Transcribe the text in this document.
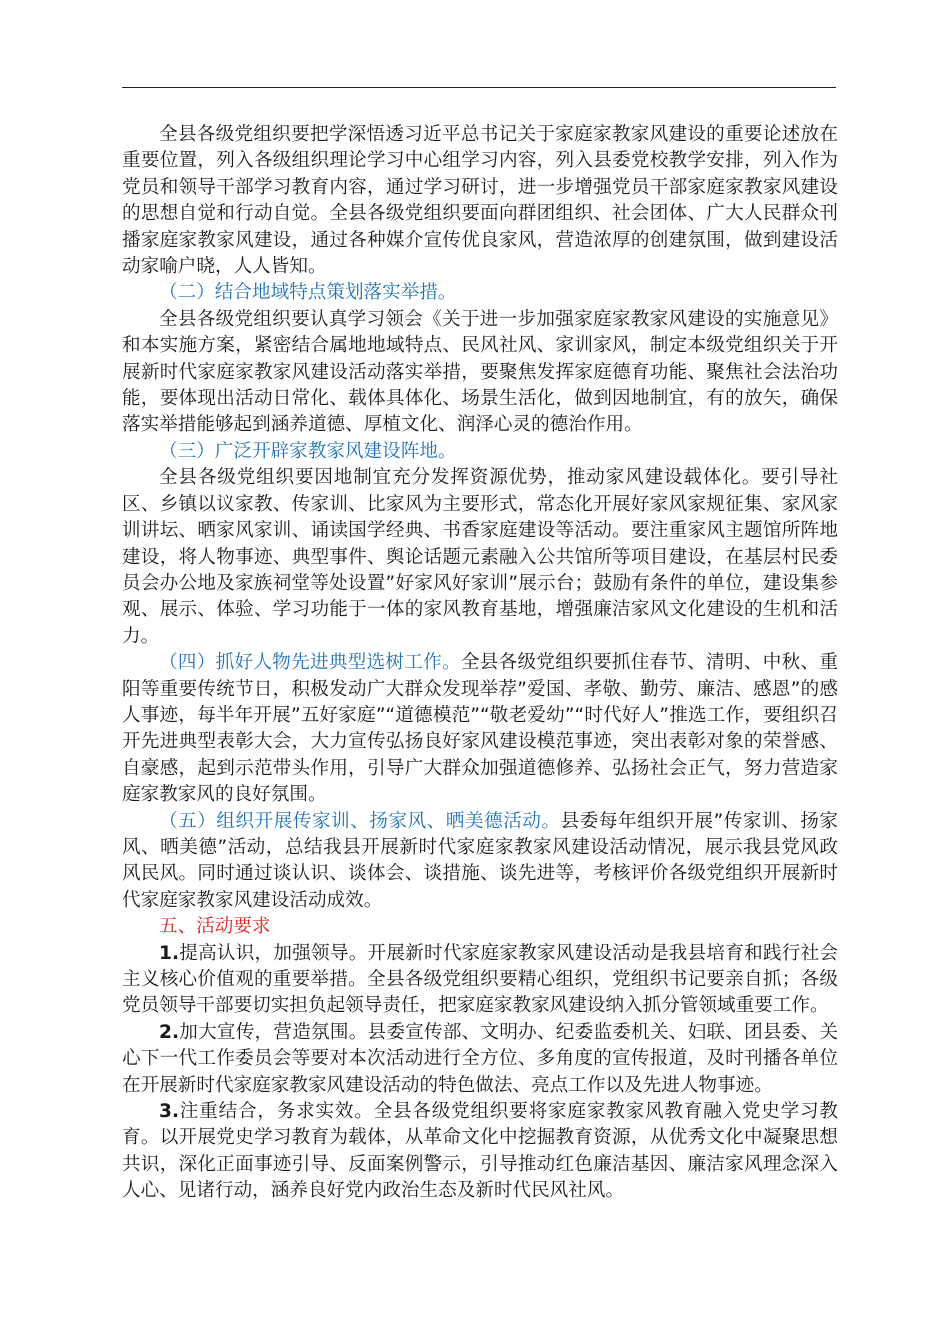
全县各级党组织要把学深悟透习近平总书记关于家庭家教家风建设的重要论述放在重要位置，列入各级组织理论学习中心组学习内容，列入县委党校教学安排，列入作为党员和领导干部学习教育内容，通过学习研讨，进一步增强党员干部家庭家教家风建设的思想自觉和行动自觉。全县各级党组织要面向群团组织、社会团体、广大人民群众刊播家庭家教家风建设，通过各种媒介宣传优良家风，营造浓厚的创建氛围，做到建设活动家喻户晓，人人皆知。

（二）结合地域特点策划落实举措。

全县各级党组织要认真学习领会《关于进一步加强家庭家教家风建设的实施意见》和本实施方案，紧密结合属地地域特点、民风社风、家训家风，制定本级党组织关于开展新时代家庭家教家风建设活动落实举措，要聚焦发挥家庭德育功能、聚焦社会法治功能，要体现出活动日常化、载体具体化、场景生活化，做到因地制宜，有的放矢，确保落实举措能够起到涵养道德、厚植文化、润泽心灵的德治作用。

（三）广泛开辟家教家风建设阵地。

全县各级党组织要因地制宜充分发挥资源优势，推动家风建设载体化。要引导社区、乡镇以议家教、传家训、比家风为主要形式，常态化开展好家风家规征集、家风家训讲坛、晒家风家训、诵读国学经典、书香家庭建设等活动。要注重家风主题馆所阵地建设，将人物事迹、典型事件、舆论话题元素融入公共馆所等项目建设，在基层村民委员会办公地及家族祠堂等处设置”好家风好家训”展示台；鼓励有条件的单位，建设集参观、展示、体验、学习功能于一体的家风教育基地，增强廉洁家风文化建设的生机和活力。

（四）抓好人物先进典型选树工作。全县各级党组织要抓住春节、清明、中秋、重阳等重要传统节日，积极发动广大群众发现举荐”爱国、孝敬、勤劳、廉洁、感恩”的感人事迹，每半年开展”五好家庭”“道德模范”“敬老爱幼”“时代好人”推选工作，要组织召开先进典型表彰大会，大力宣传弘扬良好家风建设模范事迹，突出表彰对象的荣誉感、自豪感，起到示范带头作用，引导广大群众加强道德修养、弘扬社会正气，努力营造家庭家教家风的良好氛围。

（五）组织开展传家训、扬家风、晒美德活动。县委每年组织开展”传家训、扬家风、晒美德”活动，总结我县开展新时代家庭家教家风建设活动情况，展示我县党风政风民风。同时通过谈认识、谈体会、谈措施、谈先进等，考核评价各级党组织开展新时代家庭家教家风建设活动成效。

五、活动要求

1.提高认识，加强领导。开展新时代家庭家教家风建设活动是我县培育和践行社会主义核心价值观的重要举措。全县各级党组织要精心组织，党组织书记要亲自抓；各级党员领导干部要切实担负起领导责任，把家庭家教家风建设纳入抓分管领域重要工作。

2.加大宣传，营造氛围。县委宣传部、文明办、纪委监委机关、妇联、团县委、关心下一代工作委员会等要对本次活动进行全方位、多角度的宣传报道，及时刊播各单位在开展新时代家庭家教家风建设活动的特色做法、亮点工作以及先进人物事迹。

3.注重结合，务求实效。全县各级党组织要将家庭家教家风教育融入党史学习教育。以开展党史学习教育为载体，从革命文化中挖掘教育资源，从优秀文化中凝聚思想共识，深化正面事迹引导、反面案例警示，引导推动红色廉洁基因、廉洁家风理念深入人心、见诸行动，涵养良好党内政治生态及新时代民风社风。
